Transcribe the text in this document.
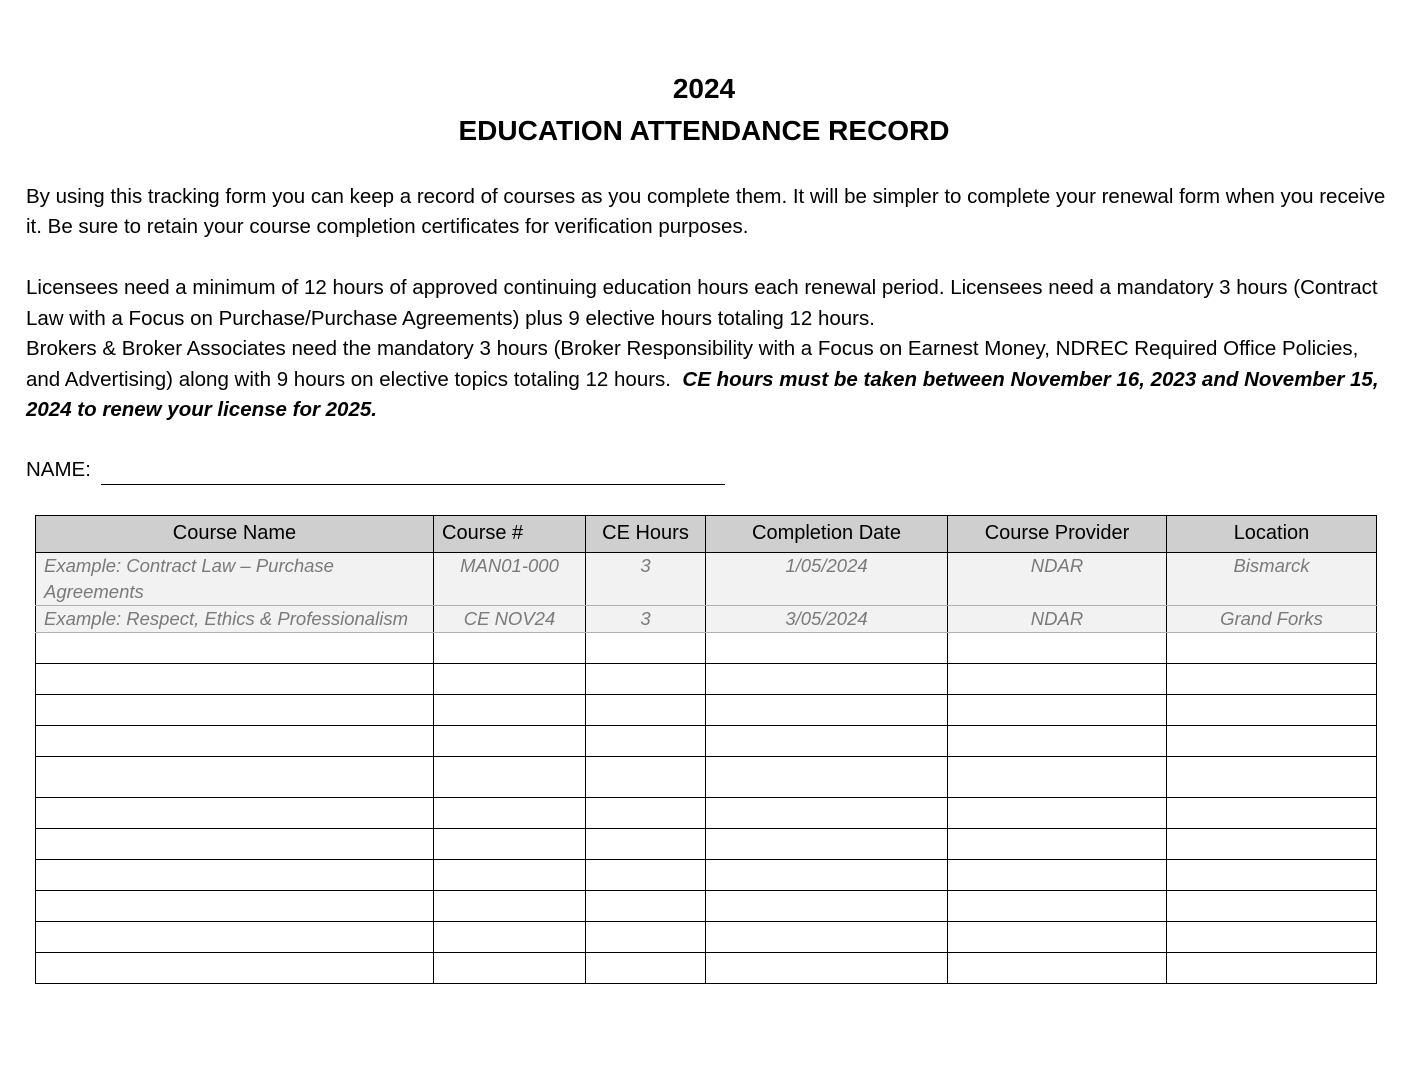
2024
EDUCATION ATTENDANCE RECORD
By using this tracking form you can keep a record of courses as you complete them. It will be simpler to complete your renewal form when you receive it. Be sure to retain your course completion certificates for verification purposes.
Licensees need a minimum of 12 hours of approved continuing education hours each renewal period. Licensees need a mandatory 3 hours (Contract Law with a Focus on Purchase/Purchase Agreements) plus 9 elective hours totaling 12 hours.
Brokers & Broker Associates need the mandatory 3 hours (Broker Responsibility with a Focus on Earnest Money, NDREC Required Office Policies, and Advertising) along with 9 hours on elective topics totaling 12 hours. CE hours must be taken between November 16, 2023 and November 15, 2024 to renew your license for 2025.
NAME:
Course Name	Course #	CE Hours	Completion Date	Course Provider	Location
Example: Contract Law – Purchase Agreements	MAN01-000	3	1/05/2024	NDAR	Bismarck
Example: Respect, Ethics & Professionalism	CE NOV24	3	3/05/2024	NDAR	Grand Forks
